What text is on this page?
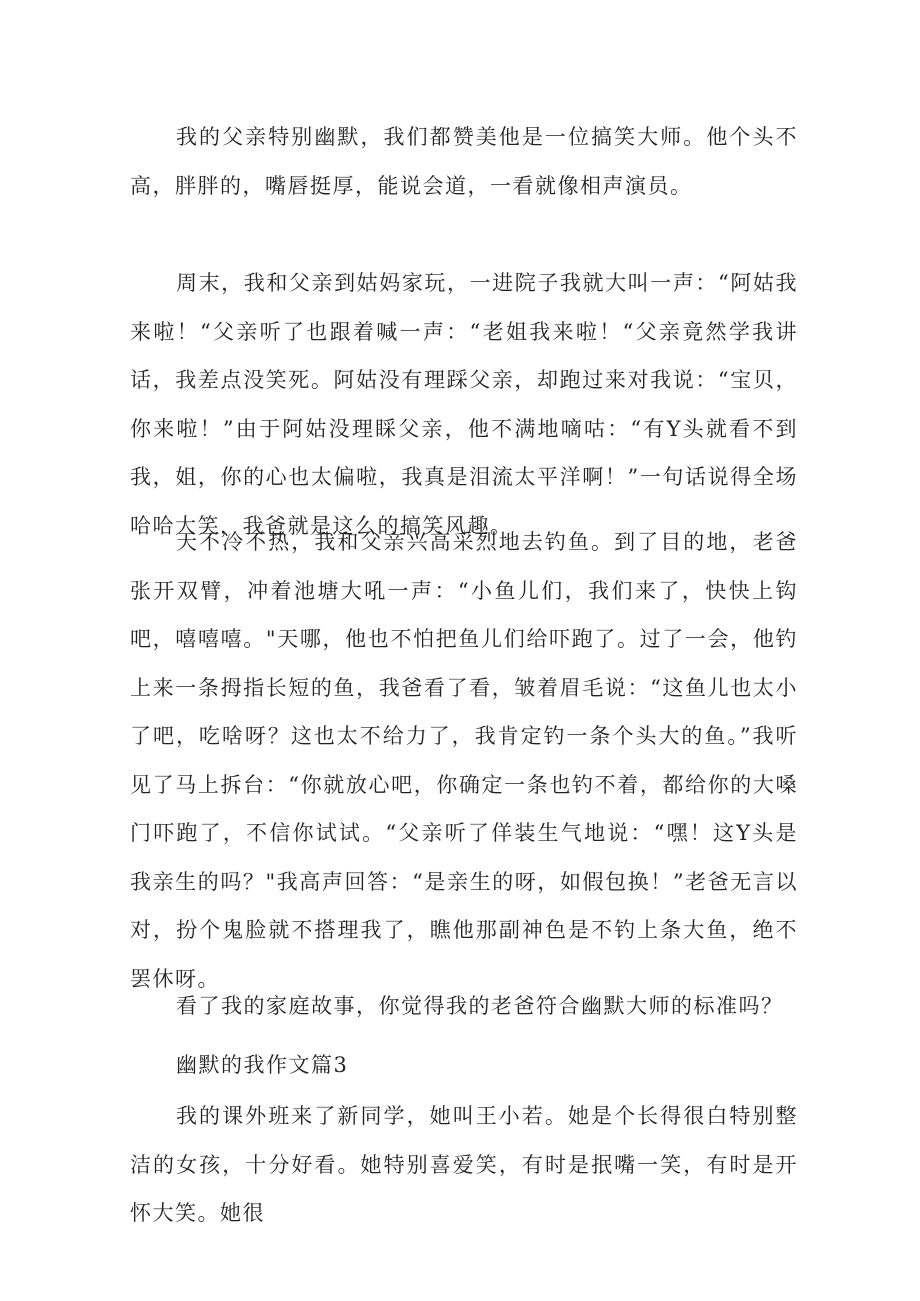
我的父亲特别幽默，我们都赞美他是一位搞笑大师。他个头不高，胖胖的，嘴唇挺厚，能说会道，一看就像相声演员。

周末，我和父亲到姑妈家玩，一进院子我就大叫一声：“阿姑我来啦！“父亲听了也跟着喊一声：“老姐我来啦！“父亲竟然学我讲话，我差点没笑死。阿姑没有理踩父亲，却跑过来对我说：“宝贝，你来啦！”由于阿姑没理睬父亲，他不满地嘀咕：“有Y头就看不到我，姐，你的心也太偏啦，我真是泪流太平洋啊！”一句话说得全场哈哈大笑，我爸就是这么的搞笑风趣。

天不冷不热，我和父亲兴高采烈地去钓鱼。到了目的地，老爸张开双臂，冲着池塘大吼一声：“小鱼儿们，我们来了，快快上钩吧，嘻嘻嘻。"天哪，他也不怕把鱼儿们给吓跑了。过了一会，他钓上来一条拇指长短的鱼，我爸看了看，皱着眉毛说：“这鱼儿也太小了吧，吃啥呀？这也太不给力了，我肯定钓一条个头大的鱼。”我听见了马上拆台：“你就放心吧，你确定一条也钓不着，都给你的大嗓门吓跑了，不信你试试。“父亲听了佯装生气地说：“嘿！这Y头是我亲生的吗？"我高声回答：“是亲生的呀，如假包换！”老爸无言以对，扮个鬼脸就不搭理我了，瞧他那副神色是不钓上条大鱼，绝不罢休呀。

看了我的家庭故事，你觉得我的老爸符合幽默大师的标准吗？

幽默的我作文篇3

我的课外班来了新同学，她叫王小若。她是个长得很白特别整洁的女孩，十分好看。她特别喜爱笑，有时是抿嘴一笑，有时是开怀大笑。她很
